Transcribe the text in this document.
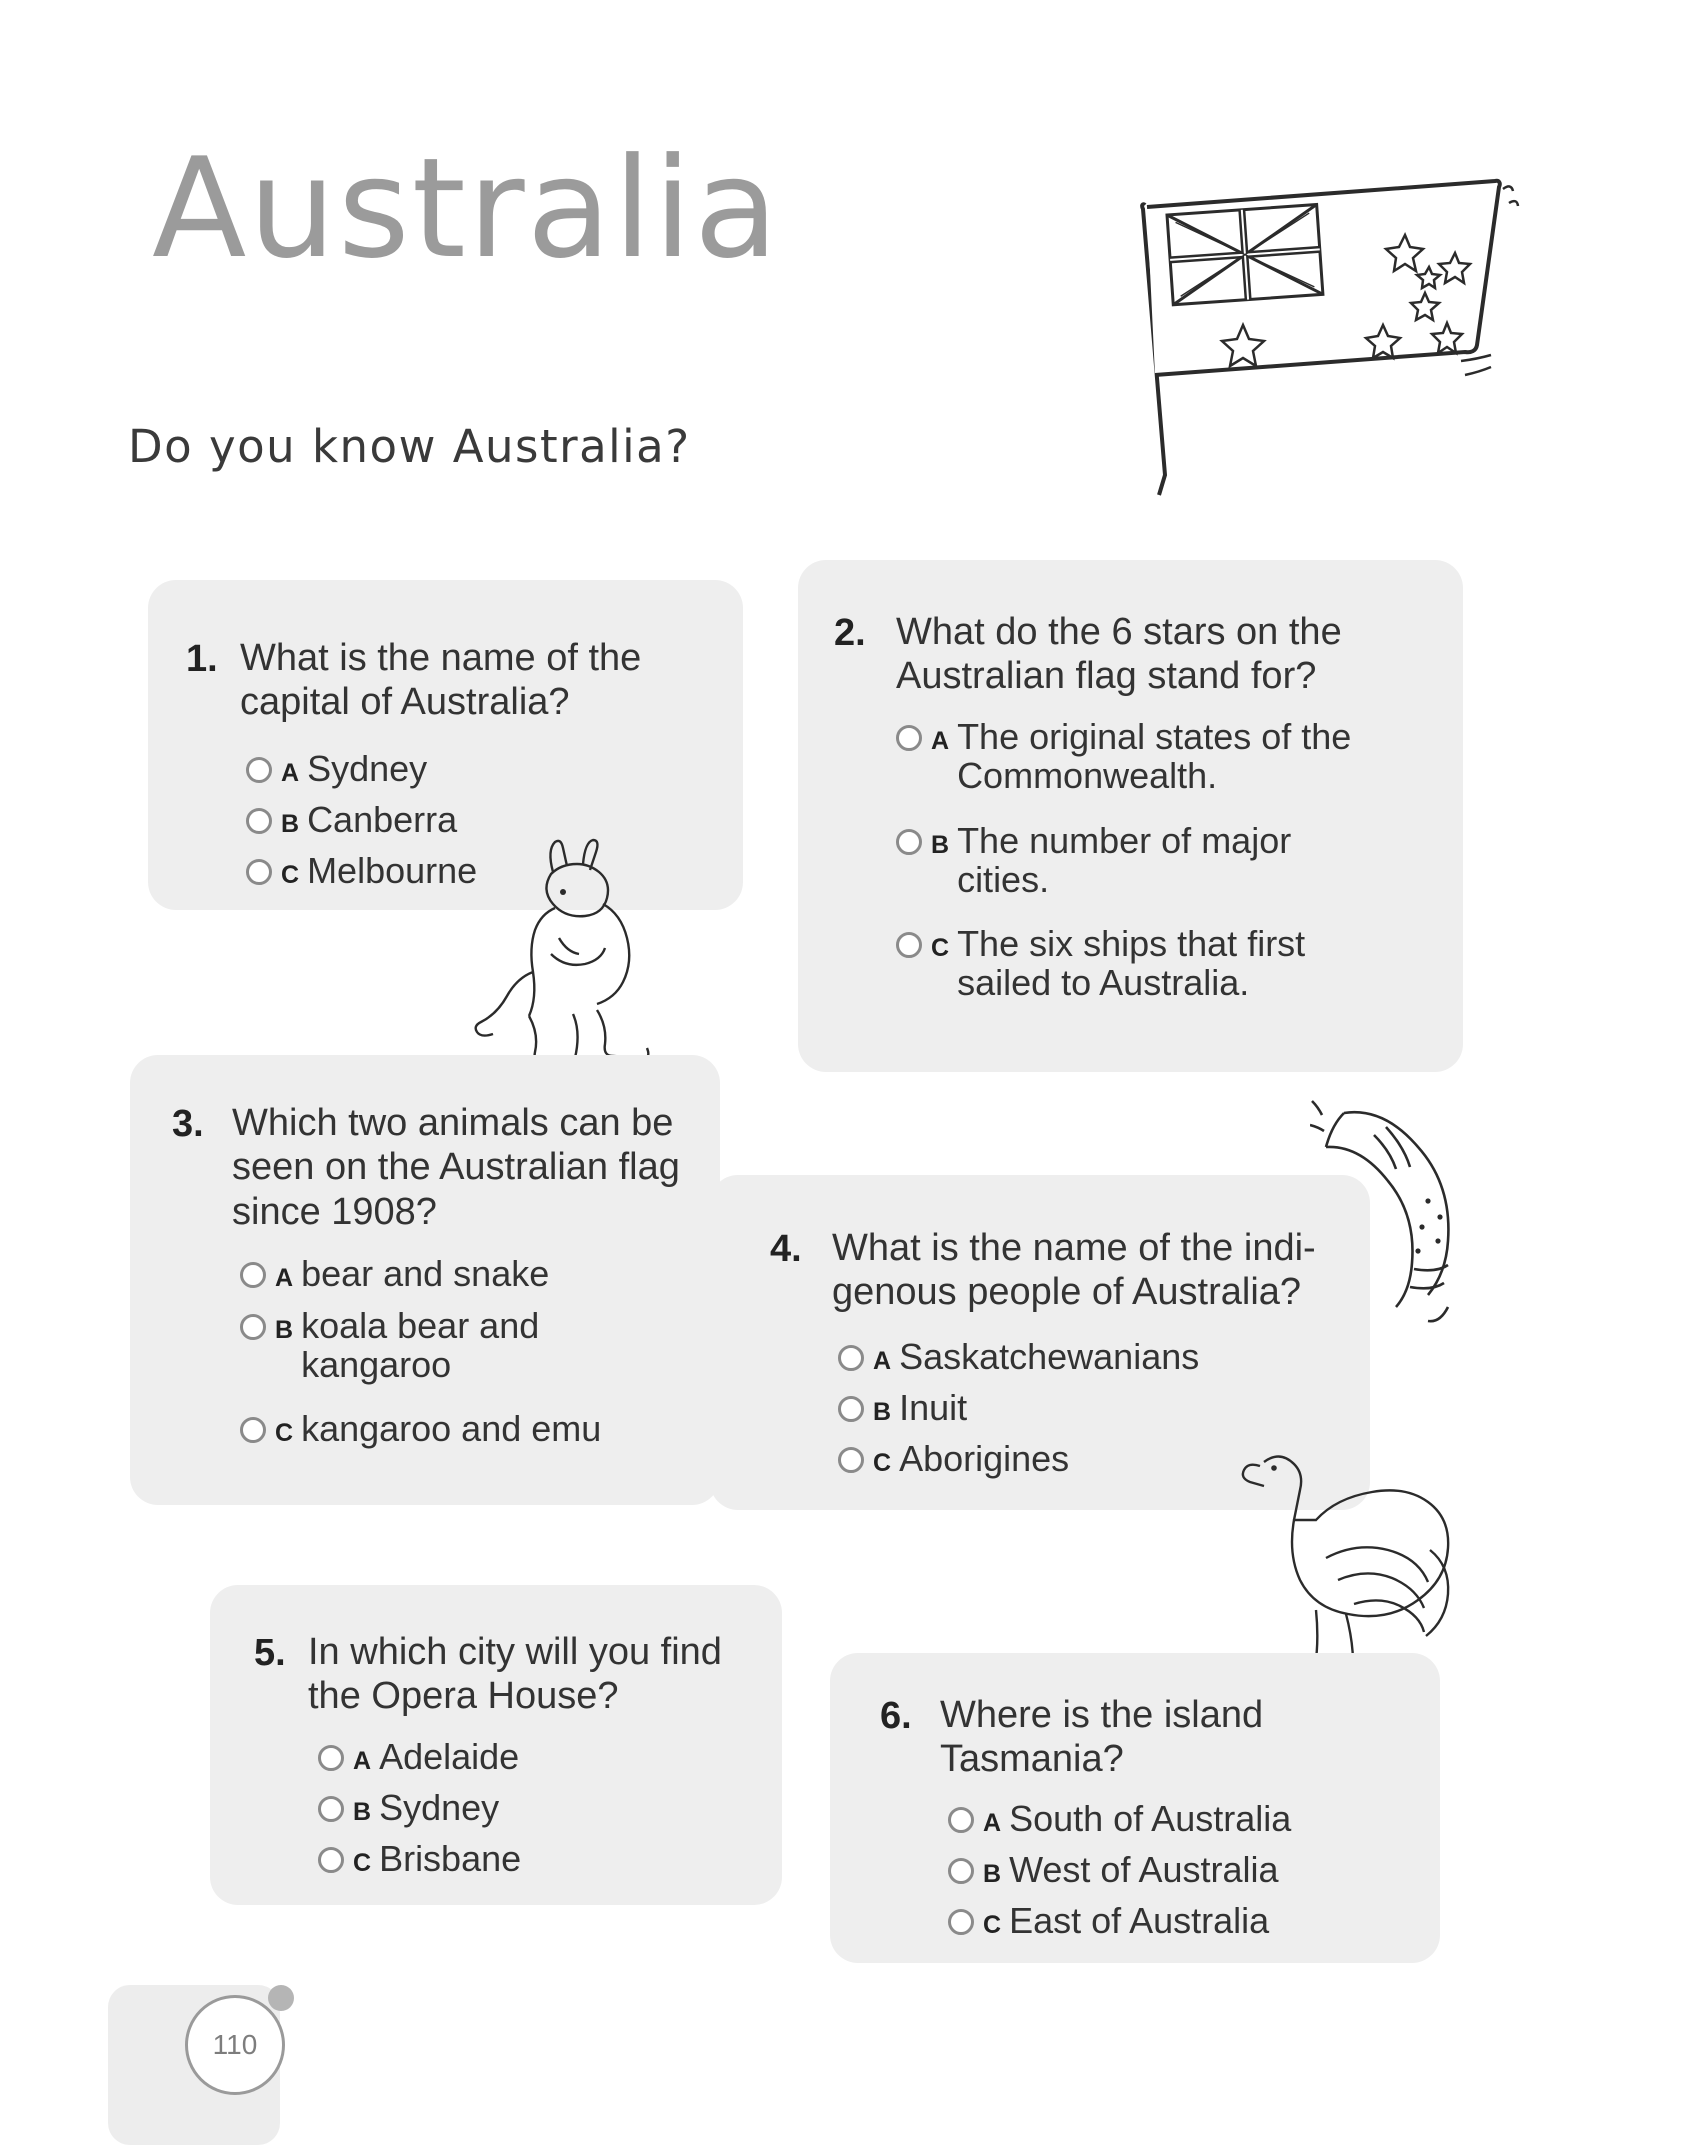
Australia
Do you know Australia?
1. What is the name of the capital of Australia?
A Sydney
B Canberra
C Melbourne
2. What do the 6 stars on the Australian flag stand for?
A The original states of the Commonwealth.
B The number of major cities.
C The six ships that first sailed to Australia.
3. Which two animals can be seen on the Australian flag since 1908?
A bear and snake
B koala bear and kangaroo
C kangaroo and emu
4. What is the name of the indi-genous people of Australia?
A Saskatchewanians
B Inuit
C Aborigines
5. In which city will you find the Opera House?
A Adelaide
B Sydney
C Brisbane
6. Where is the island Tasmania?
A South of Australia
B West of Australia
C East of Australia
110
